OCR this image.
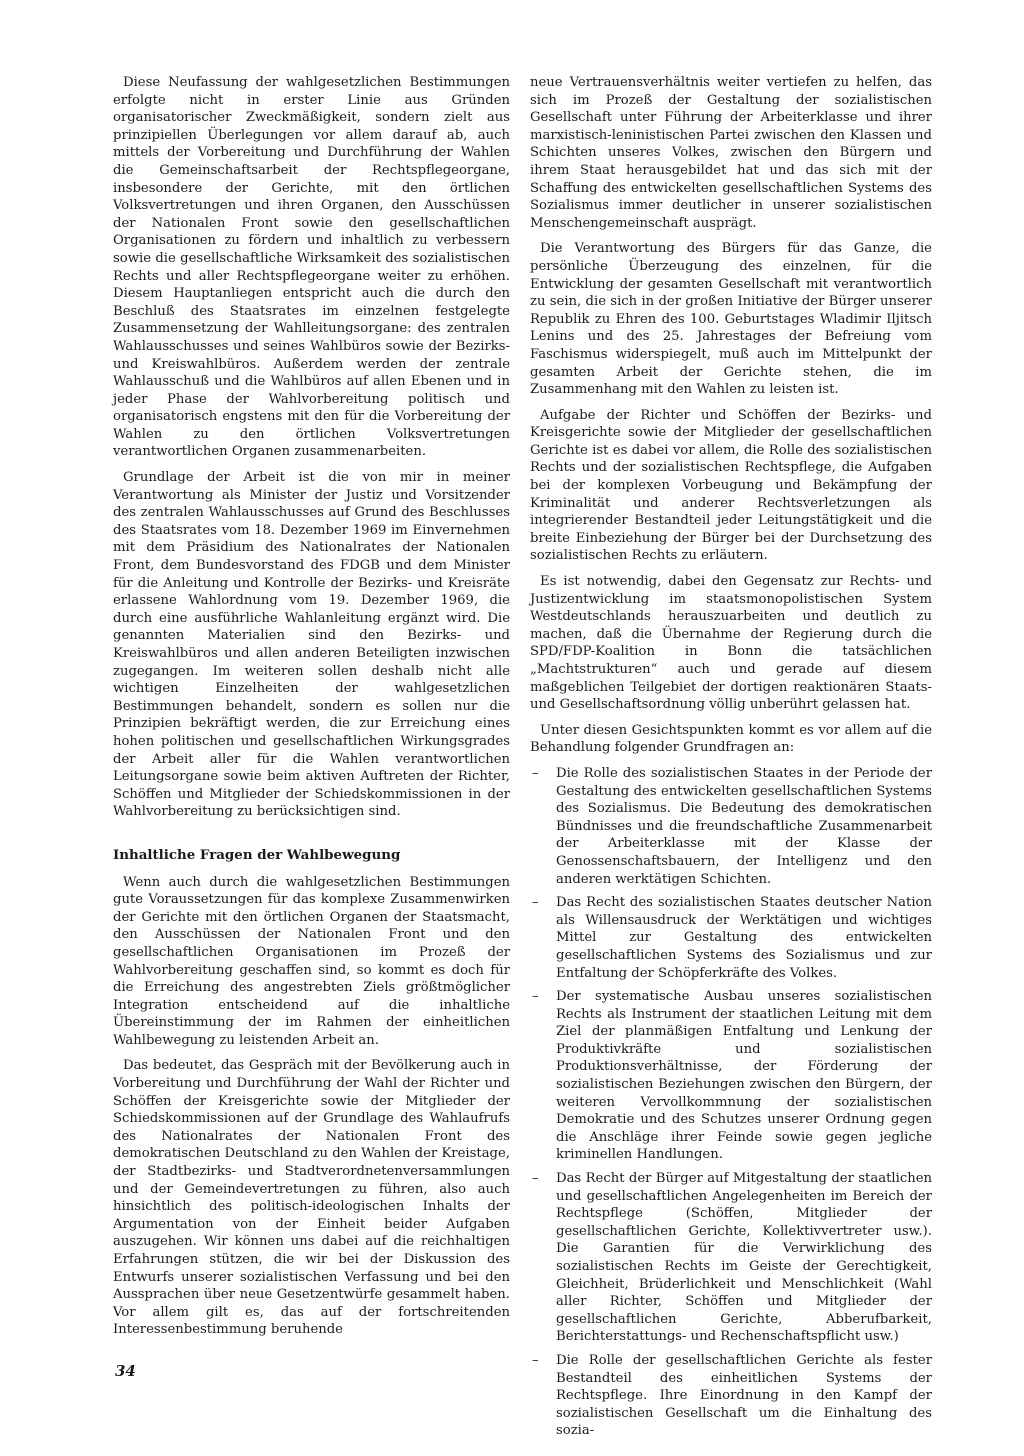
Diese Neufassung der wahlgesetzlichen Bestimmungen erfolgte nicht in erster Linie aus Gründen organisatorischer Zweckmäßigkeit, sondern zielt aus prinzipiellen Überlegungen vor allem darauf ab, auch mittels der Vorbereitung und Durchführung der Wahlen die Gemeinschaftsarbeit der Rechtspflegeorgane, insbesondere der Gerichte, mit den örtlichen Volksvertretungen und ihren Organen, den Ausschüssen der Nationalen Front sowie den gesellschaftlichen Organisationen zu fördern und inhaltlich zu verbessern sowie die gesellschaftliche Wirksamkeit des sozialistischen Rechts und aller Rechtspflegeorgane weiter zu erhöhen. Diesem Hauptanliegen entspricht auch die durch den Beschluß des Staatsrates im einzelnen festgelegte Zusammensetzung der Wahlleitungsorgane: des zentralen Wahlausschusses und seines Wahlbüros sowie der Bezirks- und Kreiswahlbüros. Außerdem werden der zentrale Wahlausschuß und die Wahlbüros auf allen Ebenen und in jeder Phase der Wahlvorbereitung politisch und organisatorisch engstens mit den für die Vorbereitung der Wahlen zu den örtlichen Volksvertretungen verantwortlichen Organen zusammenarbeiten.

Grundlage der Arbeit ist die von mir in meiner Verantwortung als Minister der Justiz und Vorsitzender des zentralen Wahlausschusses auf Grund des Beschlusses des Staatsrates vom 18. Dezember 1969 im Einvernehmen mit dem Präsidium des Nationalrates der Nationalen Front, dem Bundesvorstand des FDGB und dem Minister für die Anleitung und Kontrolle der Bezirks- und Kreisräte erlassene Wahlordnung vom 19. Dezember 1969, die durch eine ausführliche Wahlanleitung ergänzt wird. Die genannten Materialien sind den Bezirks- und Kreiswahlbüros und allen anderen Beteiligten inzwischen zugegangen. Im weiteren sollen deshalb nicht alle wichtigen Einzelheiten der wahlgesetzlichen Bestimmungen behandelt, sondern es sollen nur die Prinzipien bekräftigt werden, die zur Erreichung eines hohen politischen und gesellschaftlichen Wirkungsgrades der Arbeit aller für die Wahlen verantwortlichen Leitungsorgane sowie beim aktiven Auftreten der Richter, Schöffen und Mitglieder der Schiedskommissionen in der Wahlvorbereitung zu berücksichtigen sind.

Inhaltliche Fragen der Wahlbewegung

Wenn auch durch die wahlgesetzlichen Bestimmungen gute Voraussetzungen für das komplexe Zusammenwirken der Gerichte mit den örtlichen Organen der Staatsmacht, den Ausschüssen der Nationalen Front und den gesellschaftlichen Organisationen im Prozeß der Wahlvorbereitung geschaffen sind, so kommt es doch für die Erreichung des angestrebten Ziels größtmöglicher Integration entscheidend auf die inhaltliche Übereinstimmung der im Rahmen der einheitlichen Wahlbewegung zu leistenden Arbeit an.

Das bedeutet, das Gespräch mit der Bevölkerung auch in Vorbereitung und Durchführung der Wahl der Richter und Schöffen der Kreisgerichte sowie der Mitglieder der Schiedskommissionen auf der Grundlage des Wahlaufrufs des Nationalrates der Nationalen Front des demokratischen Deutschland zu den Wahlen der Kreistage, der Stadtbezirks- und Stadtverordnetenversammlungen und der Gemeindevertretungen zu führen, also auch hinsichtlich des politisch-ideologischen Inhalts der Argumentation von der Einheit beider Aufgaben auszugehen. Wir können uns dabei auf die reichhaltigen Erfahrungen stützen, die wir bei der Diskussion des Entwurfs unserer sozialistischen Verfassung und bei den Aussprachen über neue Gesetzentwürfe gesammelt haben. Vor allem gilt es, das auf der fortschreitenden Interessenbestimmung beruhende

neue Vertrauensverhältnis weiter vertiefen zu helfen, das sich im Prozeß der Gestaltung der sozialistischen Gesellschaft unter Führung der Arbeiterklasse und ihrer marxistisch-leninistischen Partei zwischen den Klassen und Schichten unseres Volkes, zwischen den Bürgern und ihrem Staat herausgebildet hat und das sich mit der Schaffung des entwickelten gesellschaftlichen Systems des Sozialismus immer deutlicher in unserer sozialistischen Menschengemeinschaft ausprägt.

Die Verantwortung des Bürgers für das Ganze, die persönliche Überzeugung des einzelnen, für die Entwicklung der gesamten Gesellschaft mit verantwortlich zu sein, die sich in der großen Initiative der Bürger unserer Republik zu Ehren des 100. Geburtstages Wladimir Iljitsch Lenins und des 25. Jahrestages der Befreiung vom Faschismus widerspiegelt, muß auch im Mittelpunkt der gesamten Arbeit der Gerichte stehen, die im Zusammenhang mit den Wahlen zu leisten ist.

Aufgabe der Richter und Schöffen der Bezirks- und Kreisgerichte sowie der Mitglieder der gesellschaftlichen Gerichte ist es dabei vor allem, die Rolle des sozialistischen Rechts und der sozialistischen Rechtspflege, die Aufgaben bei der komplexen Vorbeugung und Bekämpfung der Kriminalität und anderer Rechtsverletzungen als integrierender Bestandteil jeder Leitungstätigkeit und die breite Einbeziehung der Bürger bei der Durchsetzung des sozialistischen Rechts zu erläutern.

Es ist notwendig, dabei den Gegensatz zur Rechts- und Justizentwicklung im staatsmonopolistischen System Westdeutschlands herauszuarbeiten und deutlich zu machen, daß die Übernahme der Regierung durch die SPD/FDP-Koalition in Bonn die tatsächlichen „Machtstrukturen“ auch und gerade auf diesem maßgeblichen Teilgebiet der dortigen reaktionären Staats- und Gesellschaftsordnung völlig unberührt gelassen hat.

Unter diesen Gesichtspunkten kommt es vor allem auf die Behandlung folgender Grundfragen an:

– Die Rolle des sozialistischen Staates in der Periode der Gestaltung des entwickelten gesellschaftlichen Systems des Sozialismus. Die Bedeutung des demokratischen Bündnisses und die freundschaftliche Zusammenarbeit der Arbeiterklasse mit der Klasse der Genossenschaftsbauern, der Intelligenz und den anderen werktätigen Schichten.
– Das Recht des sozialistischen Staates deutscher Nation als Willensausdruck der Werktätigen und wichtiges Mittel zur Gestaltung des entwickelten gesellschaftlichen Systems des Sozialismus und zur Entfaltung der Schöpferkräfte des Volkes.
– Der systematische Ausbau unseres sozialistischen Rechts als Instrument der staatlichen Leitung mit dem Ziel der planmäßigen Entfaltung und Lenkung der Produktivkräfte und sozialistischen Produktionsverhältnisse, der Förderung der sozialistischen Beziehungen zwischen den Bürgern, der weiteren Vervollkommnung der sozialistischen Demokratie und des Schutzes unserer Ordnung gegen die Anschläge ihrer Feinde sowie gegen jegliche kriminellen Handlungen.
– Das Recht der Bürger auf Mitgestaltung der staatlichen und gesellschaftlichen Angelegenheiten im Bereich der Rechtspflege (Schöffen, Mitglieder der gesellschaftlichen Gerichte, Kollektivvertreter usw.). Die Garantien für die Verwirklichung des sozialistischen Rechts im Geiste der Gerechtigkeit, Gleichheit, Brüderlichkeit und Menschlichkeit (Wahl aller Richter, Schöffen und Mitglieder der gesellschaftlichen Gerichte, Abberufbarkeit, Berichterstattungs- und Rechenschaftspflicht usw.)
– Die Rolle der gesellschaftlichen Gerichte als fester Bestandteil des einheitlichen Systems der Rechtspflege. Ihre Einordnung in den Kampf der sozialistischen Gesellschaft um die Einhaltung des sozia-
34
